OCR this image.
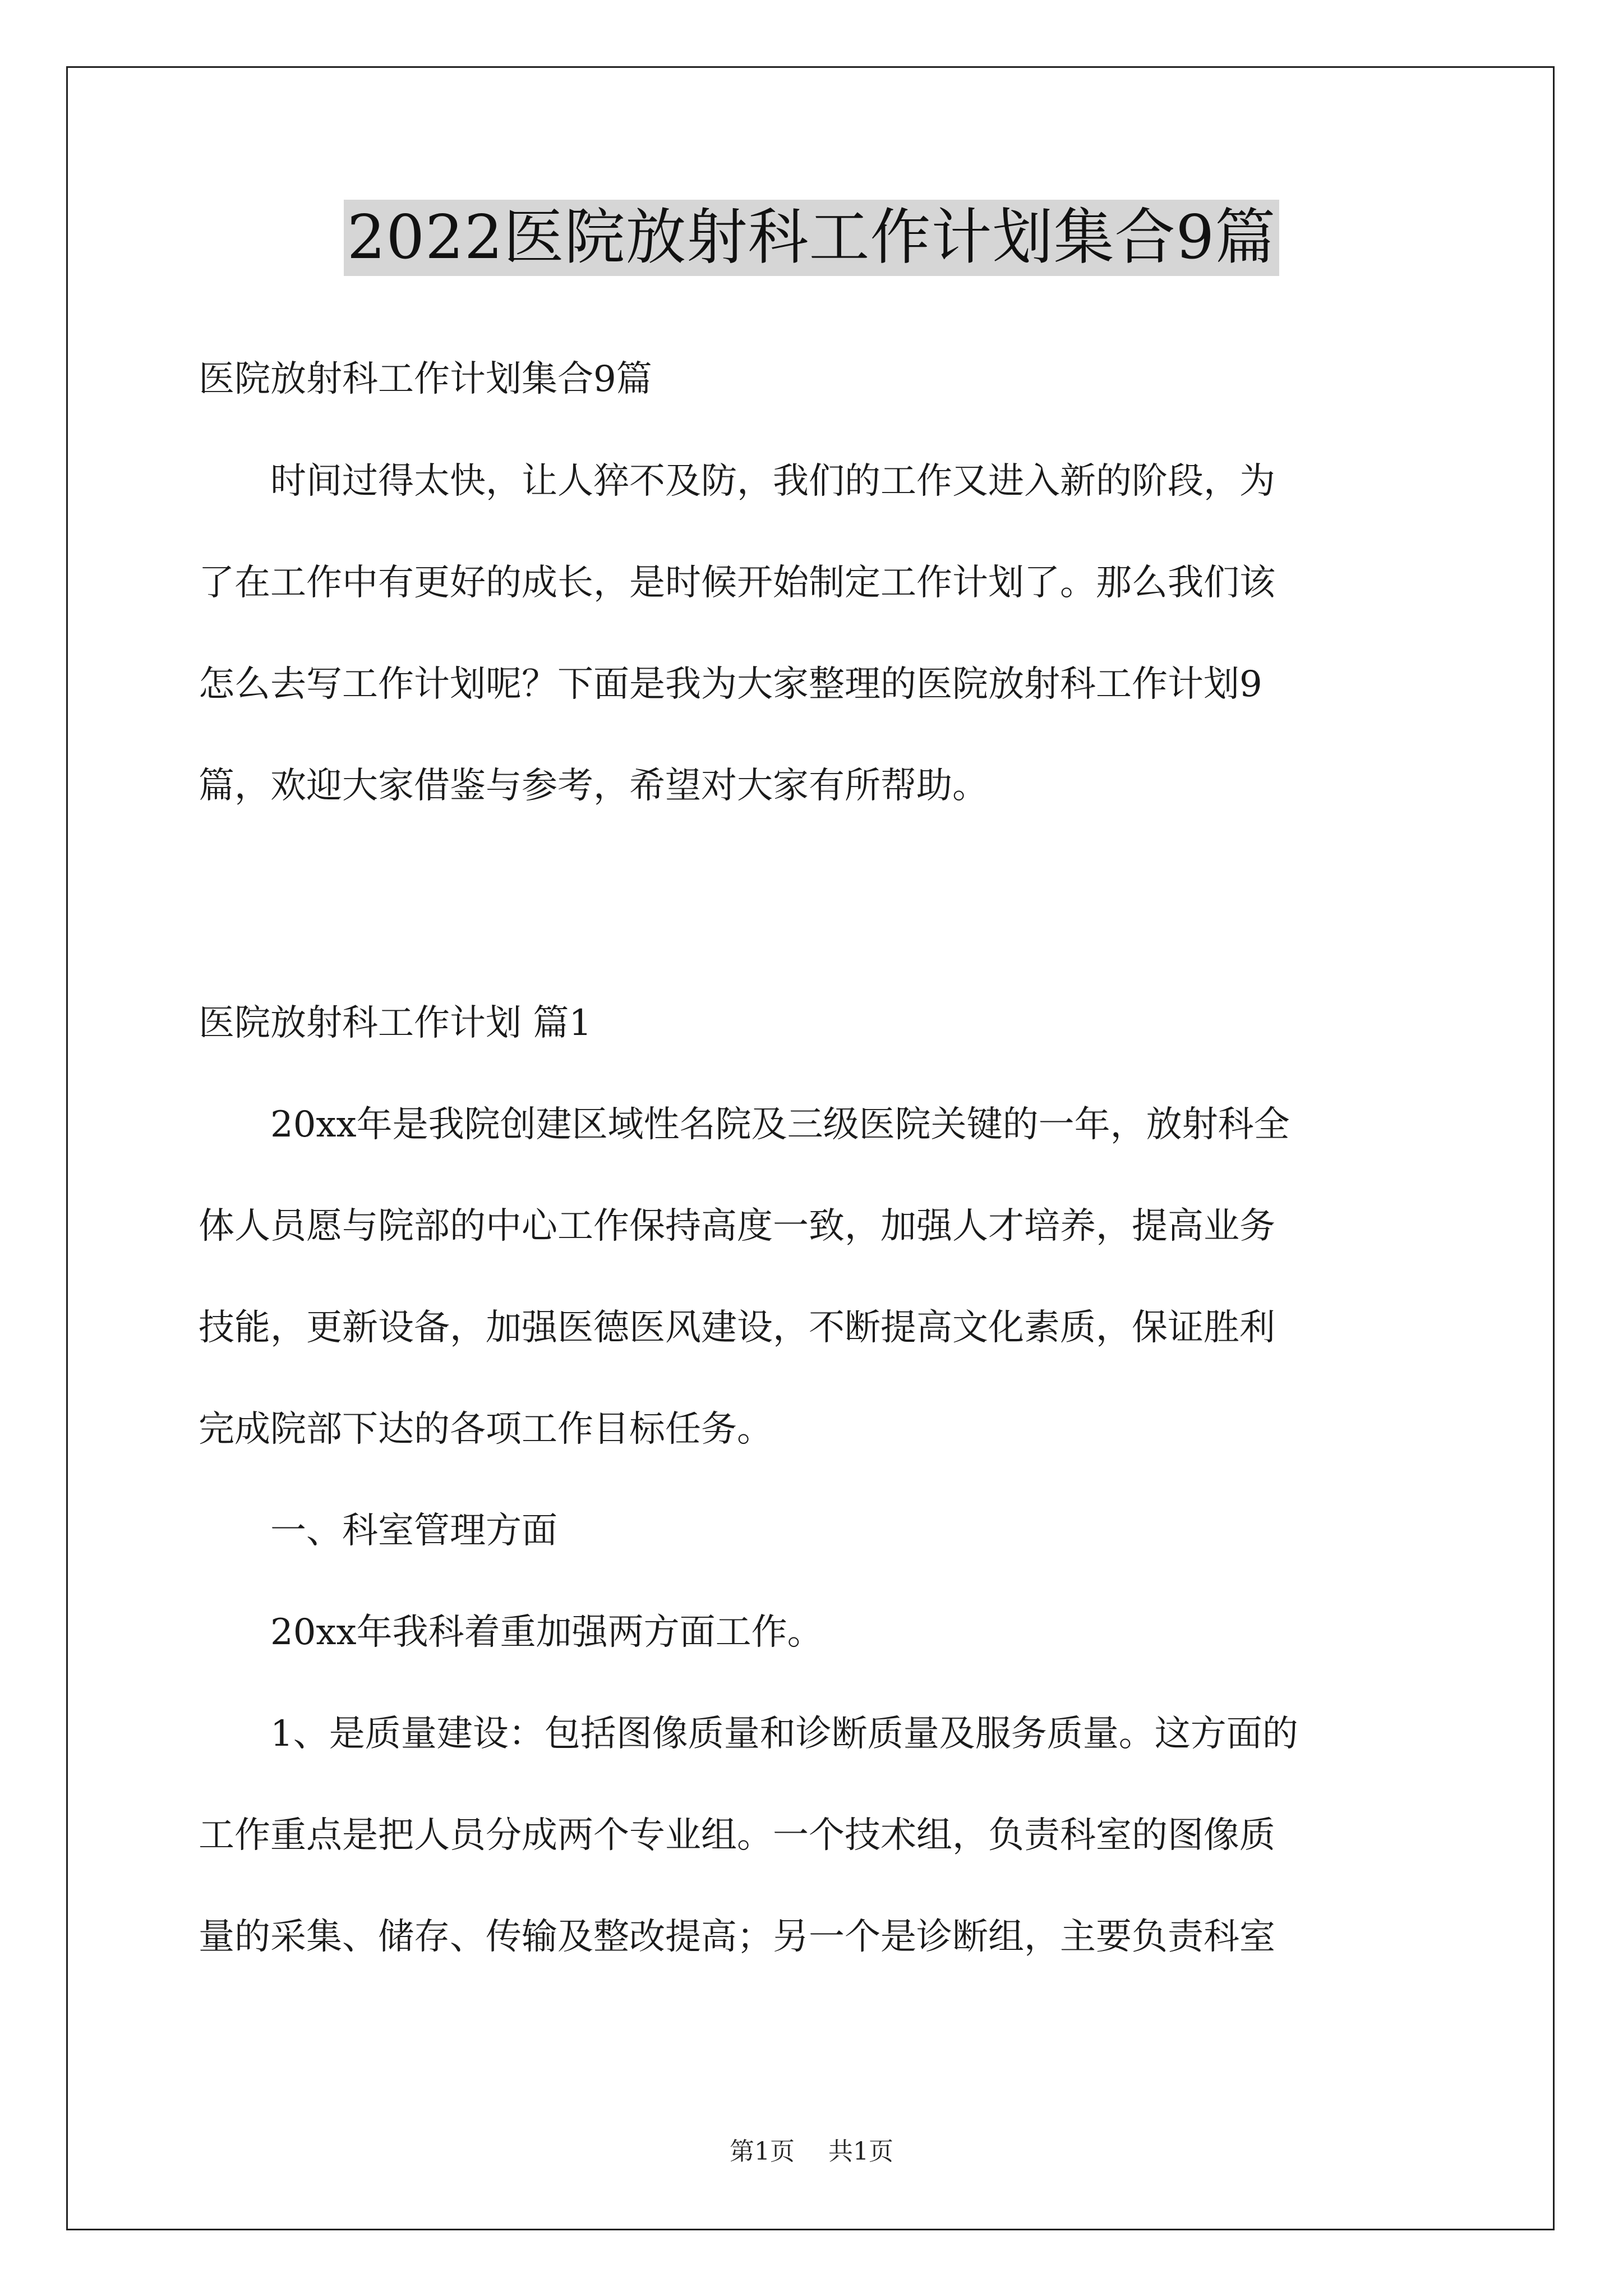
2022医院放射科工作计划集合9篇

医院放射科工作计划集合9篇

　　时间过得太快，让人猝不及防，我们的工作又进入新的阶段，为

了在工作中有更好的成长，是时候开始制定工作计划了。那么我们该

怎么去写工作计划呢？下面是我为大家整理的医院放射科工作计划9

篇，欢迎大家借鉴与参考，希望对大家有所帮助。

医院放射科工作计划 篇1

　　20xx年是我院创建区域性名院及三级医院关键的一年，放射科全

体人员愿与院部的中心工作保持高度一致，加强人才培养，提高业务

技能，更新设备，加强医德医风建设，不断提高文化素质，保证胜利

完成院部下达的各项工作目标任务。

　　一、科室管理方面

　　20xx年我科着重加强两方面工作。

　　1、是质量建设：包括图像质量和诊断质量及服务质量。这方面的

工作重点是把人员分成两个专业组。一个技术组，负责科室的图像质

量的采集、储存、传输及整改提高；另一个是诊断组，主要负责科室

第1页 共1页
